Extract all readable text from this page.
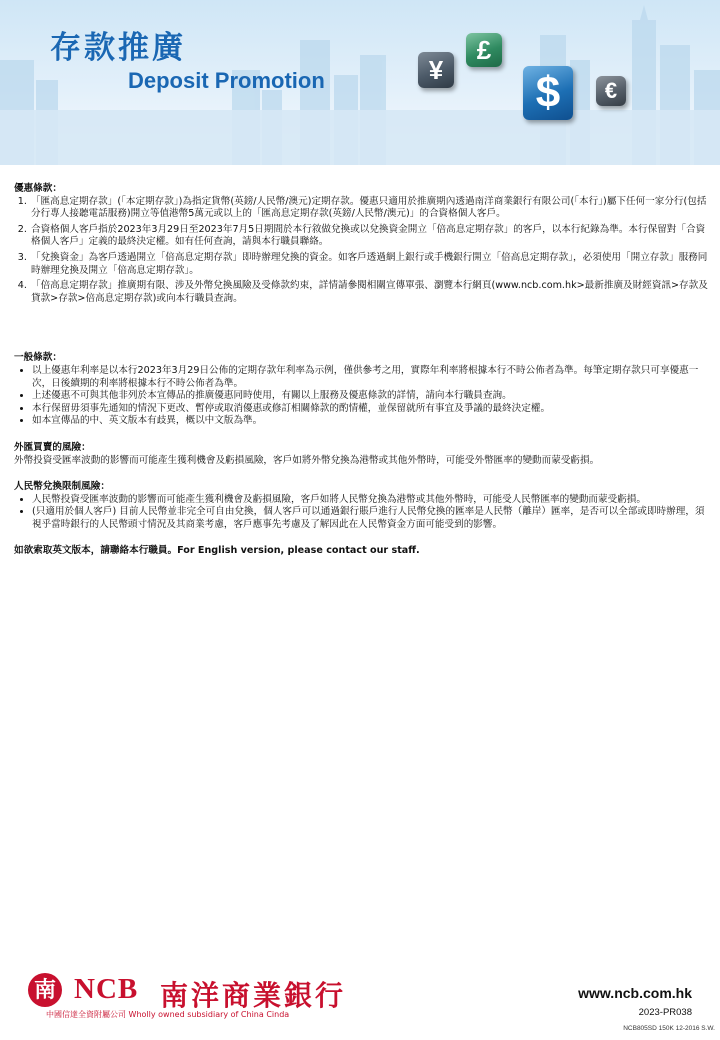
存款推廣
Deposit Promotion	¥
£
$	€

優惠條款：

1. 「匯高息定期存款」(「本定期存款」)為指定貨幣(英鎊/人民幣/澳元)定期存款。優惠只適用於推廣期內透過南洋商業銀行有限公司(「本行」)屬下任何一家分行(包括分行專人接聽電話服務)開立等值港幣5萬元或以上的「匯高息定期存款(英鎊/人民幣/澳元)」的合資格個人客戶。
2. 合資格個人客戶指於2023年3月29日至2023年7月5日期間於本行敘做兌換或以兌換資金開立「倍高息定期存款」的客戶，以本行紀錄為準。本行保留對「合資格個人客戶」定義的最終決定權。如有任何查詢，請與本行職員聯絡。
3. 「兌換資金」為客戶透過開立「倍高息定期存款」即時辦理兌換的資金。如客戶透過網上銀行或手機銀行開立「倍高息定期存款」，必須使用「開立存款」服務同時辦理兌換及開立「倍高息定期存款」。
4. 「倍高息定期存款」推廣期有限、涉及外幣兌換風險及受條款約束，詳情請參閱相關宣傳單張、瀏覽本行網頁(www.ncb.com.hk>最新推廣及財經資訊>存款及貸款>存款>倍高息定期存款)或向本行職員查詢。

一般條款：

• 以上優惠年利率是以本行2023年3月29日公佈的定期存款年利率為示例，僅供參考之用，實際年利率將根據本行不時公佈者為準。每筆定期存款只可享優惠一次，日後續期的利率將根據本行不時公佈者為準。
• 上述優惠不可與其他非列於本宣傳品的推廣優惠同時使用，有關以上服務及優惠條款的詳情，請向本行職員查詢。
• 本行保留毋須事先通知的情況下更改、暫停或取消優惠或修訂相關條款的酌情權，並保留就所有事宜及爭議的最終決定權。
• 如本宣傳品的中、英文版本有歧異，概以中文版為準。

外匯買賣的風險：

外幣投資受匯率波動的影響而可能產生獲利機會及虧損風險，客戶如將外幣兌換為港幣或其他外幣時，可能受外幣匯率的變動而蒙受虧損。

人民幣兌換限制風險：

• 人民幣投資受匯率波動的影響而可能產生獲利機會及虧損風險，客戶如將人民幣兌換為港幣或其他外幣時，可能受人民幣匯率的變動而蒙受虧損。
• (只適用於個人客戶) 目前人民幣並非完全可自由兌換，個人客戶可以通過銀行賬戶進行人民幣兌換的匯率是人民幣（離岸）匯率，是否可以全部或即時辦理，須視乎當時銀行的人民幣頭寸情況及其商業考慮，客戶應事先考慮及了解因此在人民幣資金方面可能受到的影響。

如欲索取英文版本，請聯絡本行職員。For English version, please contact our staff.

南 NCB 南洋商業銀行
中國信達全資附屬公司 Wholly owned subsidiary of China Cinda
www.ncb.com.hk
2023-PR038
NCB805SD 150K 12-2016 S.W.
